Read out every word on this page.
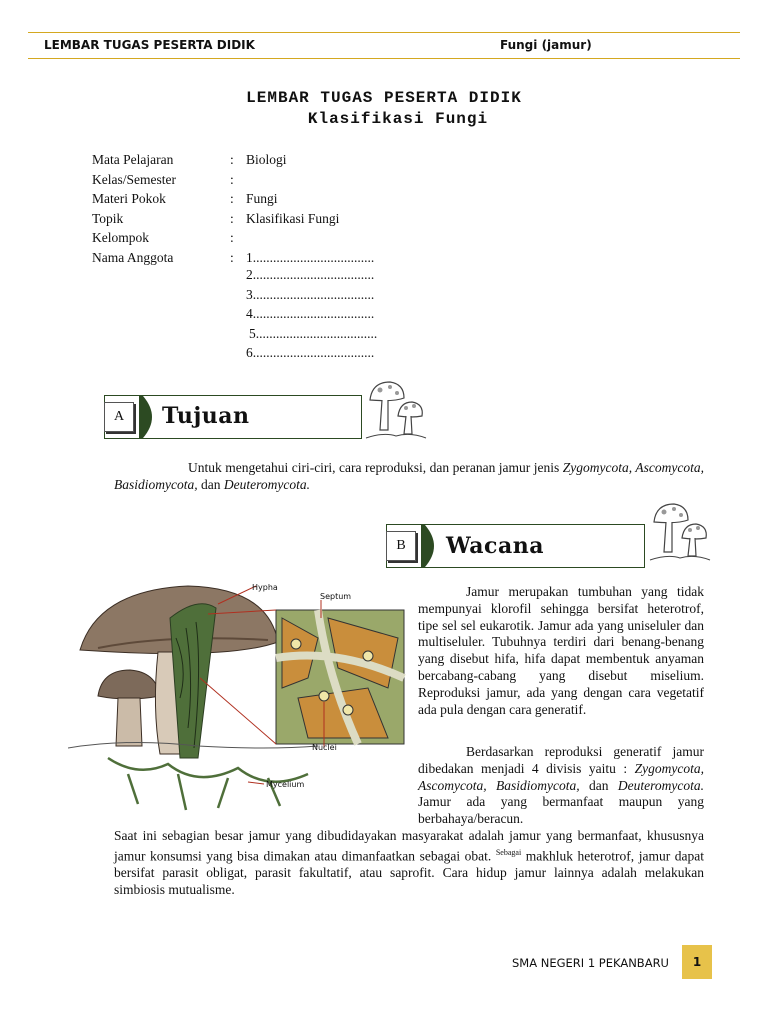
LEMBAR TUGAS PESERTA DIDIK	Fungi (jamur)
LEMBAR TUGAS PESERTA DIDIK
Klasifikasi Fungi
Mata Pelajaran	: Biologi
Kelas/Semester	:
Materi Pokok	: Fungi
Topik	: Klasifikasi Fungi
Kelompok	:
Nama Anggota	: 1....................................
2....................................
3....................................
4....................................
5....................................
6....................................
A	Tujuan
Untuk mengetahui ciri-ciri, cara reproduksi, dan peranan jamur jenis Zygomycota, Ascomycota, Basidiomycota, dan Deuteromycota.
B	Wacana
Hypha
Septum
Nuclei
Mycelium
Jamur merupakan tumbuhan yang tidak mempunyai klorofil sehingga bersifat heterotrof, tipe sel sel eukarotik. Jamur ada yang uniseluler dan multiseluler. Tubuhnya terdiri dari benang-benang yang disebut hifa, hifa dapat membentuk anyaman bercabang-cabang yang disebut miselium. Reproduksi jamur, ada yang dengan cara vegetatif ada pula dengan cara generatif.
Berdasarkan reproduksi generatif jamur dibedakan menjadi 4 divisis yaitu : Zygomycota, Ascomycota, Basidiomycota, dan Deuteromycota. Jamur ada yang bermanfaat maupun yang berbahaya/beracun.
Saat ini sebagian besar jamur yang dibudidayakan masyarakat adalah jamur yang bermanfaat, khususnya jamur konsumsi yang bisa dimakan atau dimanfaatkan sebagai obat. $^{Sebagai}$ makhluk heterotrof, jamur dapat bersifat parasit obligat, parasit fakultatif, atau saprofit. Cara hidup jamur lainnya adalah melakukan simbiosis mutualisme.
SMA NEGERI 1 PEKANBARU	1
